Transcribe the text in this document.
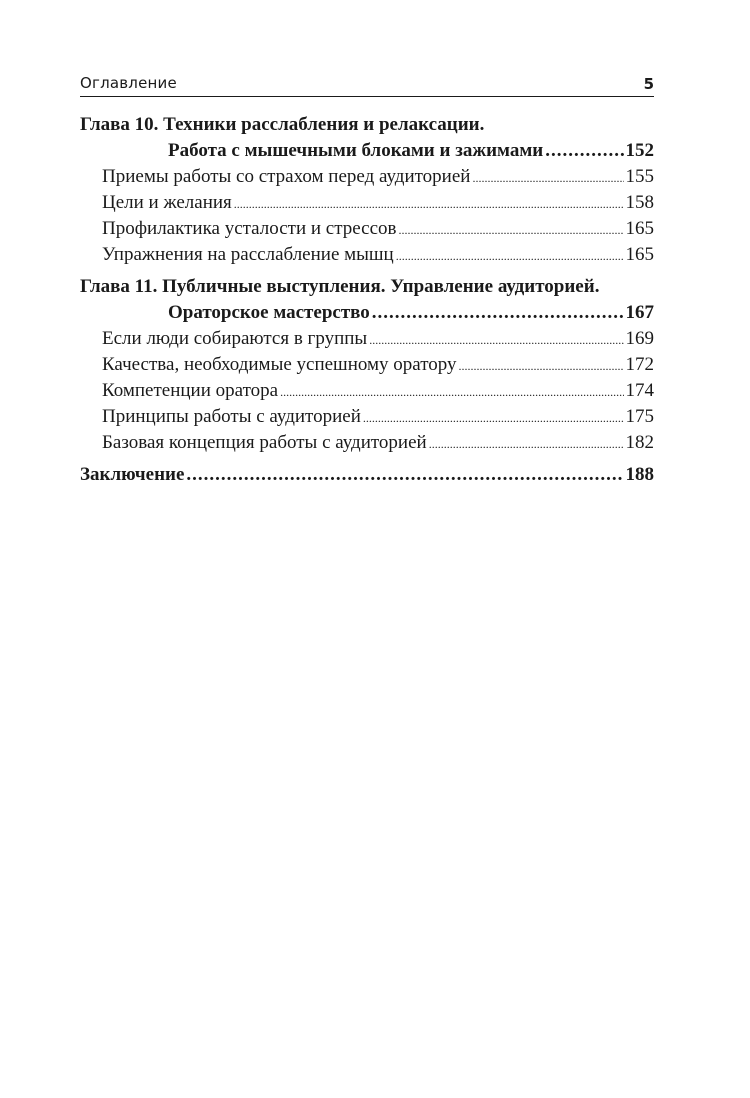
Оглавление	5
Глава 10. Техники расслабления и релаксации.
Работа с мышечными блоками и зажимами .....	152
Приемы работы со страхом перед аудиторией .....	155
Цели и желания .....	158
Профилактика усталости и стрессов .....	165
Упражнения на расслабление мышц .....	165
Глава 11. Публичные выступления. Управление аудиторией.
Ораторское мастерство .....	167
Если люди собираются в группы .....	169
Качества, необходимые успешному оратору .....	172
Компетенции оратора .....	174
Принципы работы с аудиторией .....	175
Базовая концепция работы с аудиторией .....	182
Заключение .....	188
